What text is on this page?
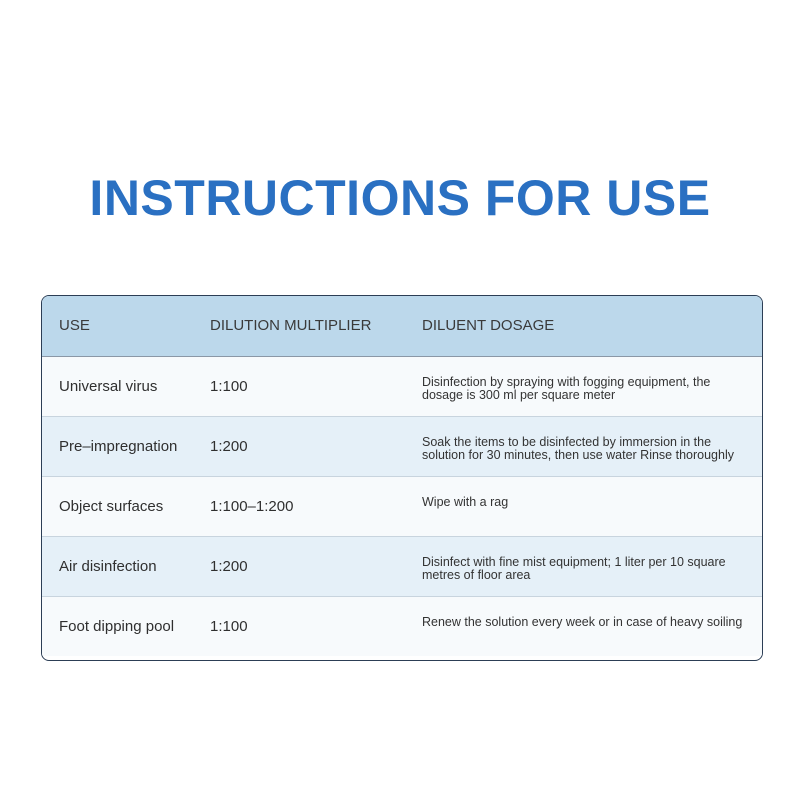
INSTRUCTIONS FOR USE
USE	DILUTION MULTIPLIER	DILUENT DOSAGE
Universal virus	1:100	Disinfection by spraying with fogging equipment, the dosage is 300 ml per square meter
Pre–impregnation	1:200	Soak the items to be disinfected by immersion in the solution for 30 minutes, then use water Rinse thoroughly
Object surfaces	1:100–1:200	Wipe with a rag
Air disinfection	1:200	Disinfect with fine mist equipment; 1 liter per 10 square metres of floor area
Foot dipping pool	1:100	Renew the solution every week or in case of heavy soiling
